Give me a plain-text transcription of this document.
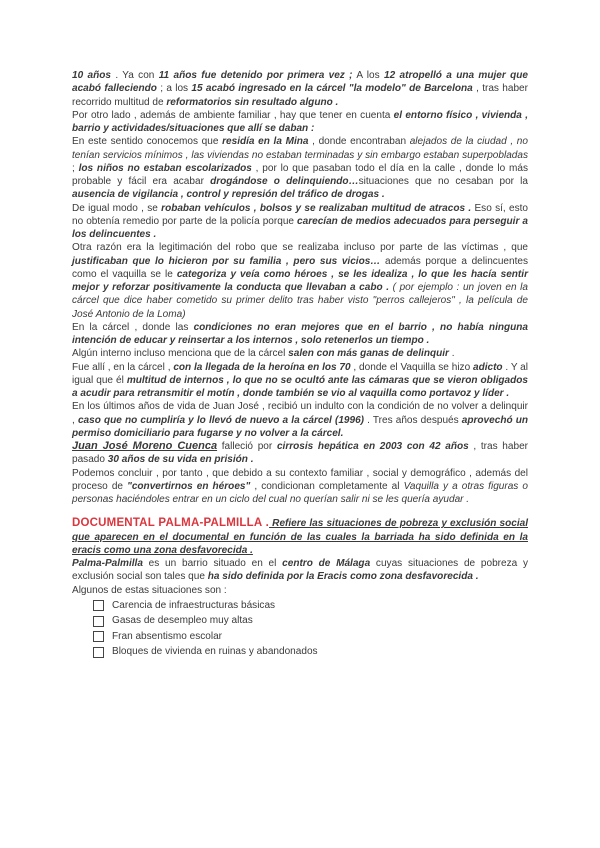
10 años . Ya con 11 años fue detenido por primera vez ; A los 12 atropelló a una mujer que acabó falleciendo ; a los 15 acabó ingresado en la cárcel "la modelo" de Barcelona , tras haber recorrido multitud de reformatorios sin resultado alguno .

Por otro lado , además de ambiente familiar , hay que tener en cuenta el entorno físico , vivienda , barrio y actividades/situaciones que allí se daban :

En este sentido conocemos que residía en la Mina , donde encontraban alejados de la ciudad , no tenían servicios mínimos , las viviendas no estaban terminadas y sin embargo estaban superpobladas ; los niños no estaban escolarizados , por lo que pasaban todo el día en la calle , donde lo más probable y fácil era acabar drogándose o delinquiendo…situaciones que no cesaban por la ausencia de vigilancia , control y represión del tráfico de drogas .

De igual modo , se robaban vehículos , bolsos y se realizaban multitud de atracos . Eso sí, esto no obtenía remedio por parte de la policía porque carecían de medios adecuados para perseguir a los delincuentes .

Otra razón era la legitimación del robo que se realizaba incluso por parte de las víctimas , que justificaban que lo hicieron por su familia , pero sus vicios… además porque a delincuentes como el vaquilla se le categoriza y veía como héroes , se les idealiza , lo que les hacía sentir mejor y reforzar positivamente la conducta que llevaban a cabo . ( por ejemplo : un joven en la cárcel que dice haber cometido su primer delito tras haber visto "perros callejeros" , la película de José Antonio de la Loma)

En la cárcel , donde las condiciones no eran mejores que en el barrio , no había ninguna intención de educar y reinsertar a los internos , solo retenerlos un tiempo .

Algún interno incluso menciona que de la cárcel salen con más ganas de delinquir .

Fue allí , en la cárcel , con la llegada de la heroína en los 70 , donde el Vaquilla se hizo adicto . Y al igual que él multitud de internos , lo que no se ocultó ante las cámaras que se vieron obligados a acudir para retransmitir el motín , donde también se vio al vaquilla como portavoz y líder .

En los últimos años de vida de Juan José , recibió un indulto con la condición de no volver a delinquir , caso que no cumpliría y lo llevó de nuevo a la cárcel (1996) . Tres años después aprovechó un permiso domiciliario para fugarse y no volver a la cárcel.

Juan José Moreno Cuenca falleció por cirrosis hepática en 2003 con 42 años , tras haber pasado 30 años de su vida en prisión .

Podemos concluir , por tanto , que debido a su contexto familiar , social y demográfico , además del proceso de "convertirnos en héroes" , condicionan completamente al Vaquilla y a otras figuras o personas haciéndoles entrar en un ciclo del cual no querían salir ni se les quería ayudar .

DOCUMENTAL PALMA-PALMILLA . Refiere las situaciones de pobreza y exclusión social que aparecen en el documental en función de las cuales la barriada ha sido definida en la eracis como una zona desfavorecida .

Palma-Palmilla es un barrio situado en el centro de Málaga cuyas situaciones de pobreza y exclusión social son tales que ha sido definida por la Eracis como zona desfavorecida .

Algunos de estas situaciones son :

Carencia de infraestructuras básicas
Gasas de desempleo muy altas
Fran absentismo escolar
Bloques de vivienda en ruinas y abandonados
